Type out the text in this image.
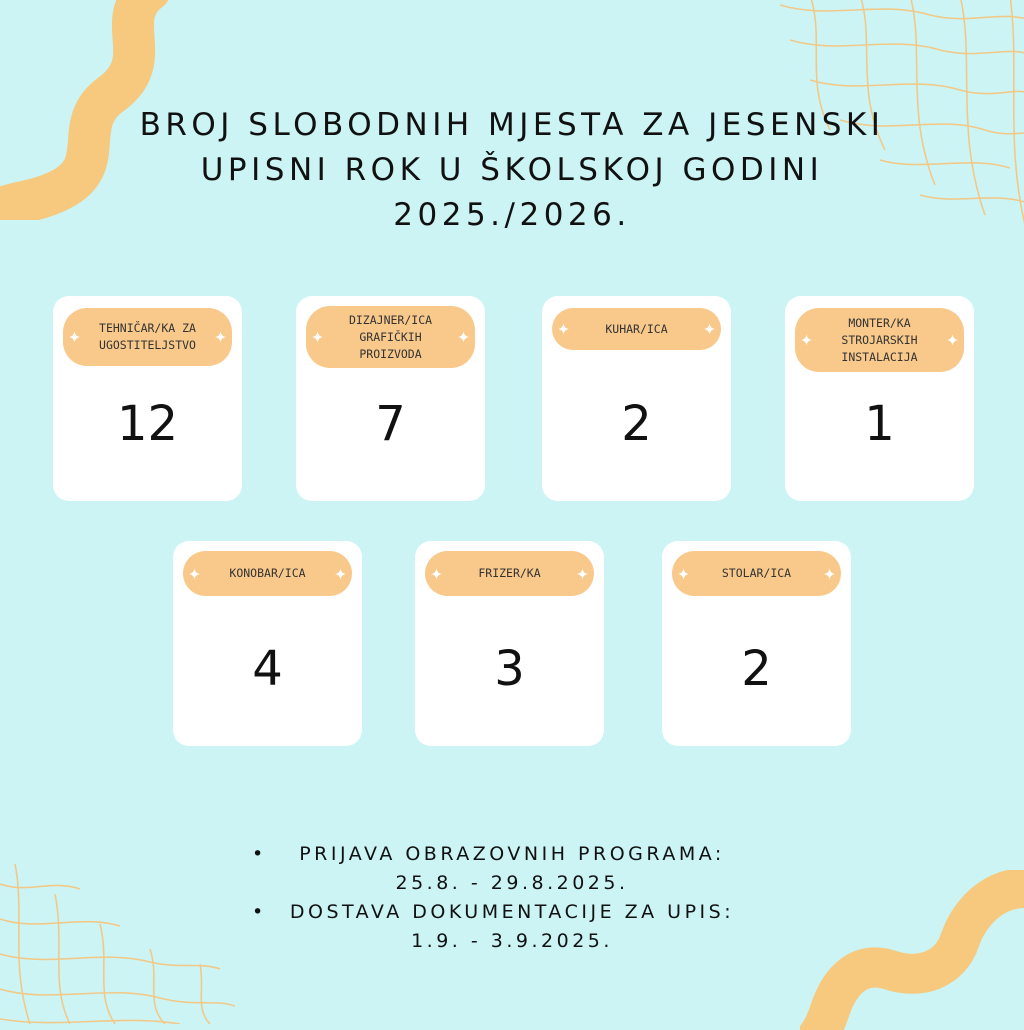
BROJ SLOBODNIH MJESTA ZA JESENSKI
UPISNI ROK U ŠKOLSKOJ GODINI
2025./2026.
TEHNIČAR/KA ZA
UGOSTITELJSTVO
12
DIZAJNER/ICA
GRAFIČKIH
PROIZVODA
7
KUHAR/ICA
2
MONTER/KA
STROJARSKIH
INSTALACIJA
1
KONOBAR/ICA
4
FRIZER/KA
3
STOLAR/ICA
2
• PRIJAVA OBRAZOVNIH PROGRAMA:
25.8. - 29.8.2025.
• DOSTAVA DOKUMENTACIJE ZA UPIS:
1.9. - 3.9.2025.
